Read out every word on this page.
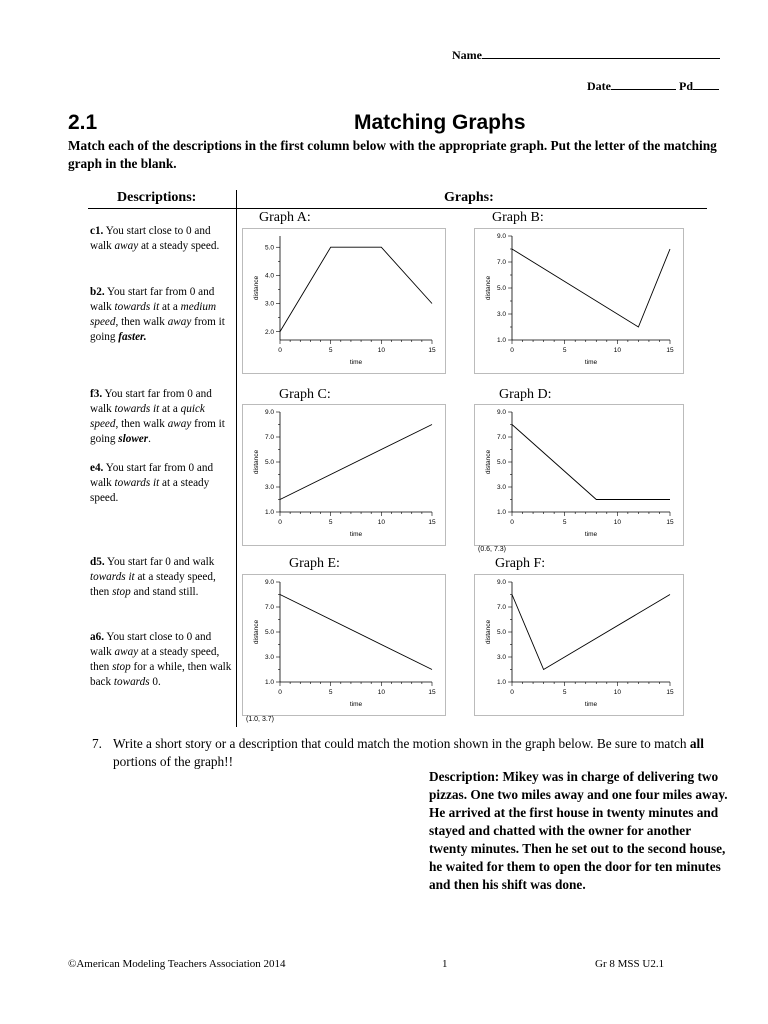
Name
Date	Pd
2.1	Matching Graphs
Match each of the descriptions in the first column below with the appropriate graph. Put the letter of the matching graph in the blank.
Descriptions:	Graphs:
c1. You start close to 0 and walk away at a steady speed.
b2. You start far from 0 and walk towards it at a medium speed, then walk away from it going faster.
f3. You start far from 0 and walk towards it at a quick speed, then walk away from it going slower.
e4. You start far from 0 and walk towards it at a steady speed.
d5. You start far 0 and walk towards it at a steady speed, then stop and stand still.
a6. You start close to 0 and walk away at a steady speed, then stop for a while, then walk back towards 0.
Graph A:	Graph B:
Graph C:	Graph D:
Graph E:	Graph F:
0	5	10	15
2.0
3.0
4.0
5.0
time
distance
0	5	10	15
1.0
3.0
5.0
7.0
9.0
time
distance
0	5	10	15
1.0
3.0
5.0
7.0
9.0
time
distance
0	5	10	15
1.0
3.0
5.0
7.0
9.0
time
distance
0	5	10	15
1.0
3.0
5.0
7.0
9.0
time
distance
0	5	10	15
1.0
3.0
5.0
7.0
9.0
time
distance
(0.6, 7.3)
(1.0, 3.7)
7. Write a short story or a description that could match the motion shown in the graph below. Be sure to match all portions of the graph!!
Description: Mikey was in charge of delivering two pizzas. One two miles away and one four miles away. He arrived at the first house in twenty minutes and stayed and chatted with the owner for another twenty minutes. Then he set out to the second house, he waited for them to open the door for ten minutes and then his shift was done.
©American Modeling Teachers Association 2014	1	Gr 8 MSS U2.1
